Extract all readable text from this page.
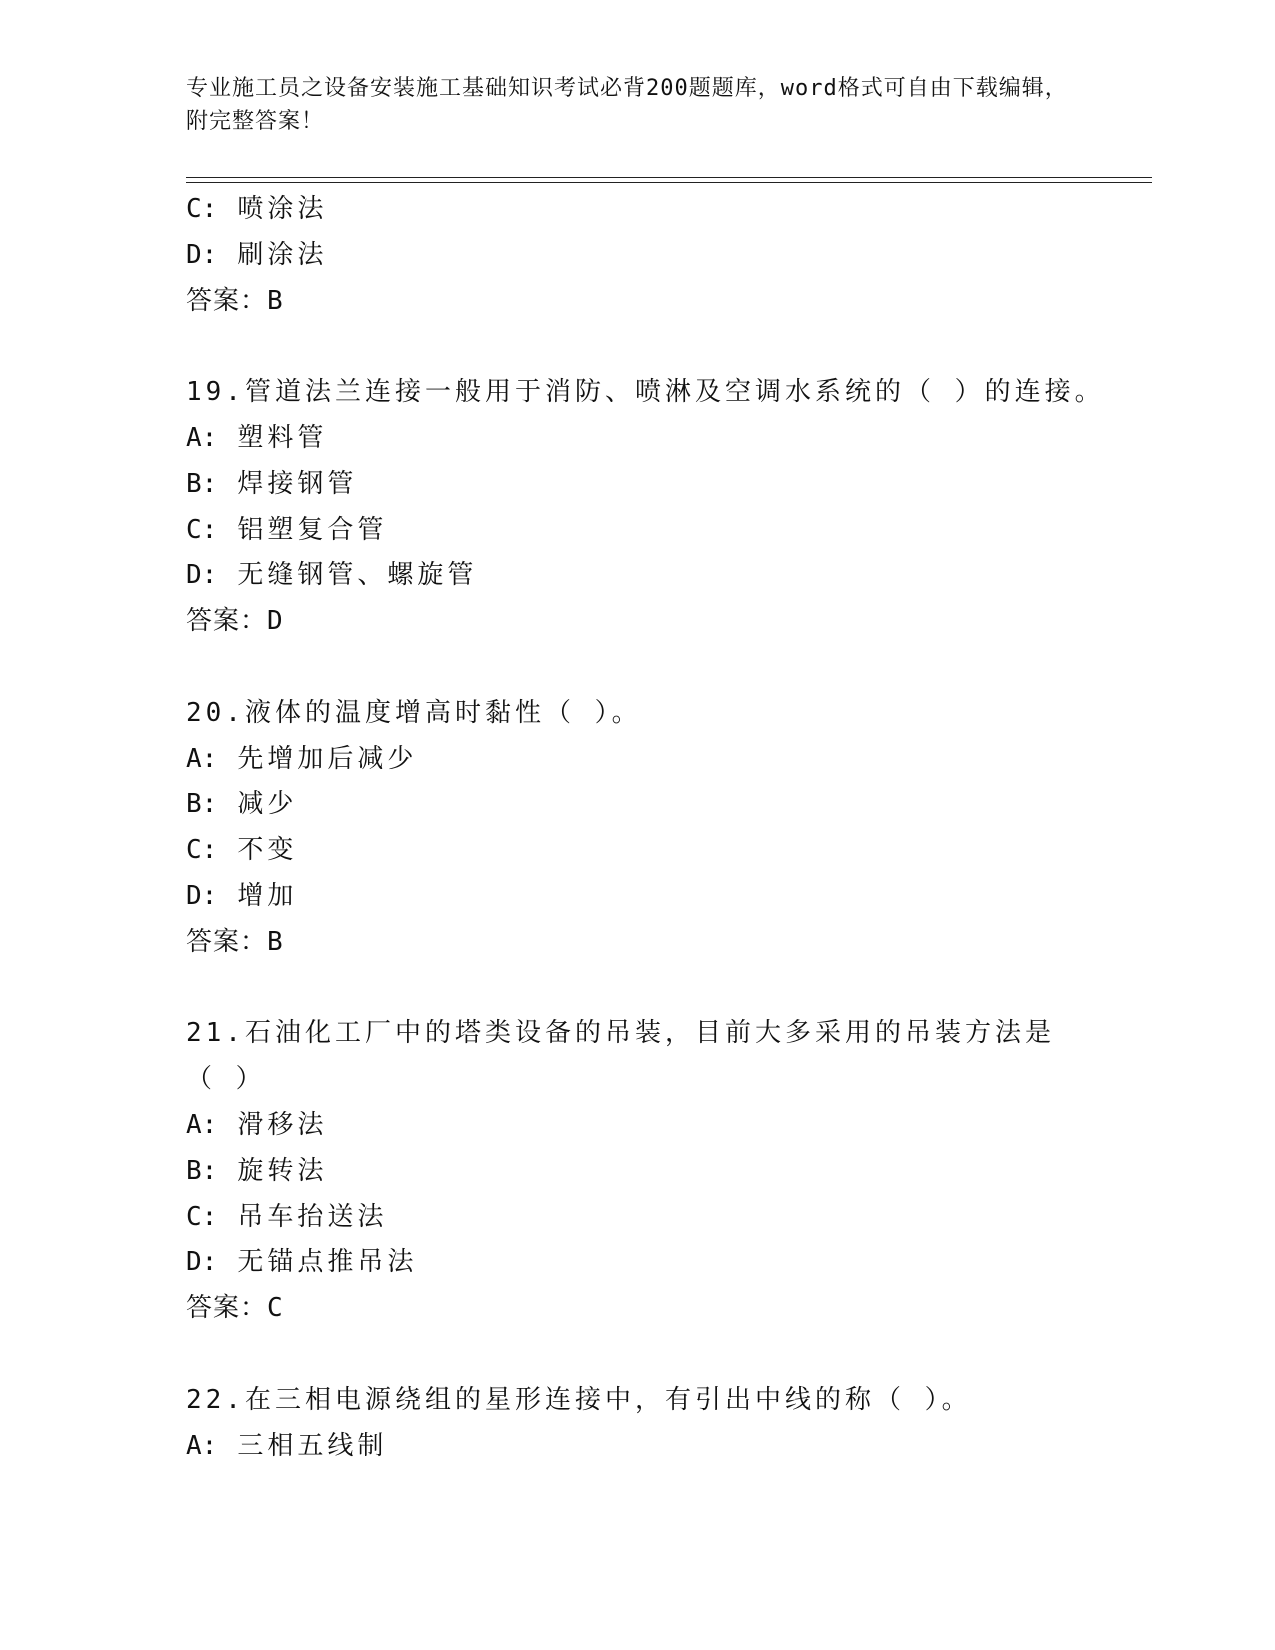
专业施工员之设备安装施工基础知识考试必背200题题库，word格式可自由下载编辑，附完整答案！
C: 喷涂法
D: 刷涂法
答案：B
19.管道法兰连接一般用于消防、喷淋及空调水系统的（ ）的连接。
A: 塑料管
B: 焊接钢管
C: 铝塑复合管
D: 无缝钢管、螺旋管
答案：D
20.液体的温度增高时黏性（ ）。
A: 先增加后减少
B: 减少
C: 不变
D: 增加
答案：B
21.石油化工厂中的塔类设备的吊装，目前大多采用的吊装方法是（ ）
A: 滑移法
B: 旋转法
C: 吊车抬送法
D: 无锚点推吊法
答案：C
22.在三相电源绕组的星形连接中，有引出中线的称（ ）。
A: 三相五线制
